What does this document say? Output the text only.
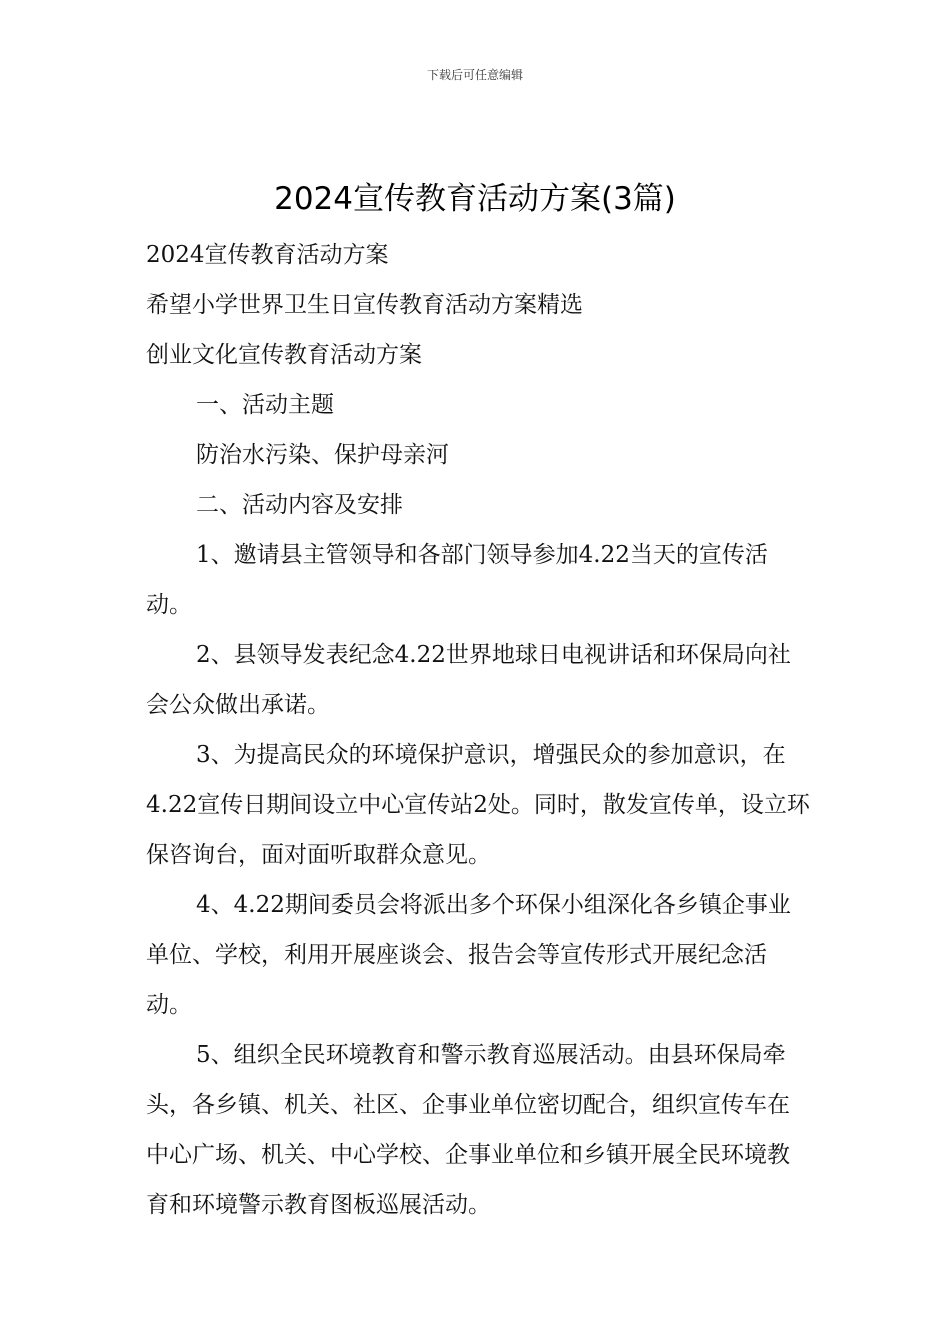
下载后可任意编辑
2024宣传教育活动方案(3篇)

2024宣传教育活动方案

希望小学世界卫生日宣传教育活动方案精选

创业文化宣传教育活动方案

一、活动主题

防治水污染、保护母亲河

二、活动内容及安排

1、邀请县主管领导和各部门领导参加4.22当天的宣传活动。

2、县领导发表纪念4.22世界地球日电视讲话和环保局向社会公众做出承诺。

3、为提高民众的环境保护意识，增强民众的参加意识，在4.22宣传日期间设立中心宣传站2处。同时，散发宣传单，设立环保咨询台，面对面听取群众意见。

4、4.22期间委员会将派出多个环保小组深化各乡镇企事业单位、学校，利用开展座谈会、报告会等宣传形式开展纪念活动。

5、组织全民环境教育和警示教育巡展活动。由县环保局牵头，各乡镇、机关、社区、企事业单位密切配合，组织宣传车在中心广场、机关、中心学校、企事业单位和乡镇开展全民环境教育和环境警示教育图板巡展活动。
